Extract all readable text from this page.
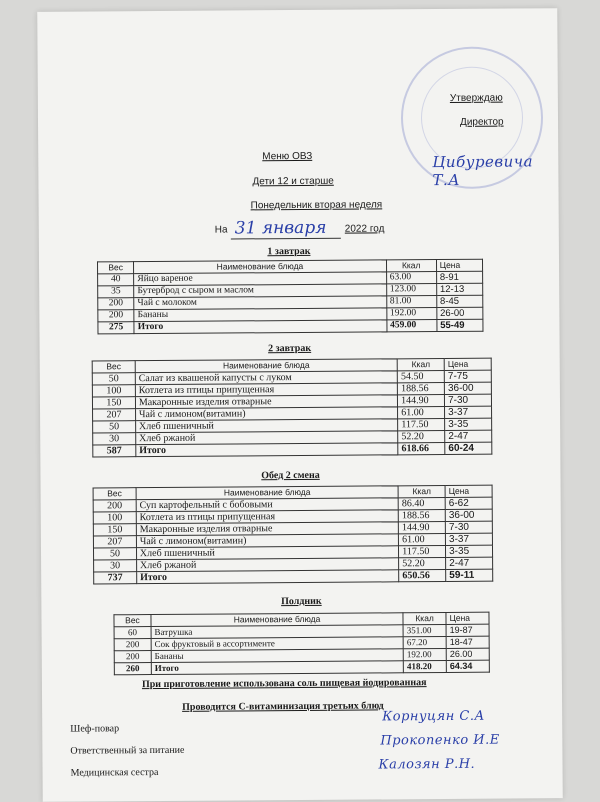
Утверждаю
Директор
Цибуревича Т.А
Меню ОВЗ
Дети 12 и старше
Понедельник вторая неделя
На 31 января 2022 год
1 завтрак
Вес	Наименование блюда	Ккал	Цена
40	Яйцо вареное	63.00	8-91
35	Бутерброд с сыром и маслом	123.00	12-13
200	Чай с молоком	81.00	8-45
200	Бананы	192.00	26-00
275	Итого	459.00	55-49
2 завтрак
Вес	Наименование блюда	Ккал	Цена
50	Салат из квашеной капусты с луком	54.50	7-75
100	Котлета из птицы припущенная	188.56	36-00
150	Макаронные изделия отварные	144.90	7-30
207	Чай с лимоном(витамин)	61.00	3-37
50	Хлеб пшеничный	117.50	3-35
30	Хлеб ржаной	52.20	2-47
587	Итого	618.66	60-24
Обед 2 смена
Вес	Наименование блюда	Ккал	Цена
200	Суп картофельный с бобовыми	86.40	6-62
100	Котлета из птицы припущенная	188.56	36-00
150	Макаронные изделия отварные	144.90	7-30
207	Чай с лимоном(витамин)	61.00	3-37
50	Хлеб пшеничный	117.50	3-35
30	Хлеб ржаной	52.20	2-47
737	Итого	650.56	59-11
Полдник
Вес	Наименование блюда	Ккал	Цена
60	Ватрушка	351.00	19-87
200	Сок фруктовый в ассортименте	67.20	18-47
200	Бананы	192.00	26.00
260	Итого	418.20	64.34
При приготовление использована соль пищевая йодированная
Проводится С-витаминизация третьих блюд
Шеф-повар
Корнуцян С.А
Ответственный за питание
Прокопенко И.Е
Медицинская сестра
Калозян Р.Н.
